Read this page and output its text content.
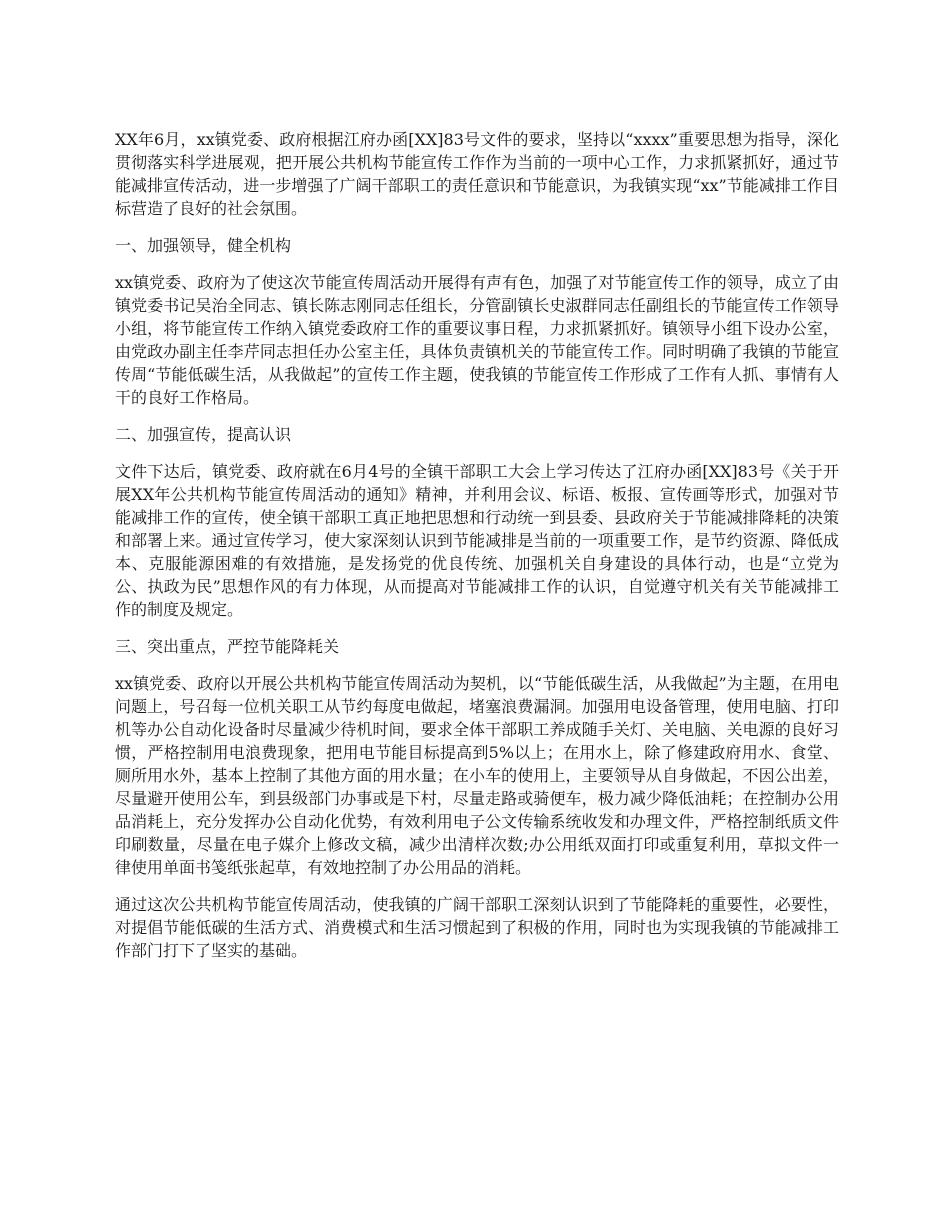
XX年6月，xx镇党委、政府根据江府办函[XX]83号文件的要求，坚持以“xxxx”重要思想为指导，深化贯彻落实科学进展观，把开展公共机构节能宣传工作作为当前的一项中心工作，力求抓紧抓好，通过节能减排宣传活动，进一步增强了广阔干部职工的责任意识和节能意识，为我镇实现“xx”节能减排工作目标营造了良好的社会氛围。

一、加强领导，健全机构

xx镇党委、政府为了使这次节能宣传周活动开展得有声有色，加强了对节能宣传工作的领导，成立了由镇党委书记吴治全同志、镇长陈志刚同志任组长，分管副镇长史淑群同志任副组长的节能宣传工作领导小组，将节能宣传工作纳入镇党委政府工作的重要议事日程，力求抓紧抓好。镇领导小组下设办公室，由党政办副主任李芹同志担任办公室主任，具体负责镇机关的节能宣传工作。同时明确了我镇的节能宣传周“节能低碳生活，从我做起”的宣传工作主题，使我镇的节能宣传工作形成了工作有人抓、事情有人干的良好工作格局。

二、加强宣传，提高认识

文件下达后，镇党委、政府就在6月4号的全镇干部职工大会上学习传达了江府办函[XX]83号《关于开展XX年公共机构节能宣传周活动的通知》精神，并利用会议、标语、板报、宣传画等形式，加强对节能减排工作的宣传，使全镇干部职工真正地把思想和行动统一到县委、县政府关于节能减排降耗的决策和部署上来。通过宣传学习，使大家深刻认识到节能减排是当前的一项重要工作，是节约资源、降低成本、克服能源困难的有效措施，是发扬党的优良传统、加强机关自身建设的具体行动，也是“立党为公、执政为民”思想作风的有力体现，从而提高对节能减排工作的认识，自觉遵守机关有关节能减排工作的制度及规定。

三、突出重点，严控节能降耗关

xx镇党委、政府以开展公共机构节能宣传周活动为契机，以“节能低碳生活，从我做起”为主题，在用电问题上，号召每一位机关职工从节约每度电做起，堵塞浪费漏洞。加强用电设备管理，使用电脑、打印机等办公自动化设备时尽量减少待机时间，要求全体干部职工养成随手关灯、关电脑、关电源的良好习惯，严格控制用电浪费现象，把用电节能目标提高到5%以上；在用水上，除了修建政府用水、食堂、厕所用水外，基本上控制了其他方面的用水量；在小车的使用上，主要领导从自身做起，不因公出差，尽量避开使用公车，到县级部门办事或是下村，尽量走路或骑便车，极力减少降低油耗；在控制办公用品消耗上，充分发挥办公自动化优势，有效利用电子公文传输系统收发和办理文件，严格控制纸质文件印刷数量，尽量在电子媒介上修改文稿，减少出清样次数;办公用纸双面打印或重复利用，草拟文件一律使用单面书笺纸张起草，有效地控制了办公用品的消耗。

通过这次公共机构节能宣传周活动，使我镇的广阔干部职工深刻认识到了节能降耗的重要性，必要性，对提倡节能低碳的生活方式、消费模式和生活习惯起到了积极的作用，同时也为实现我镇的节能减排工作部门打下了坚实的基础。
